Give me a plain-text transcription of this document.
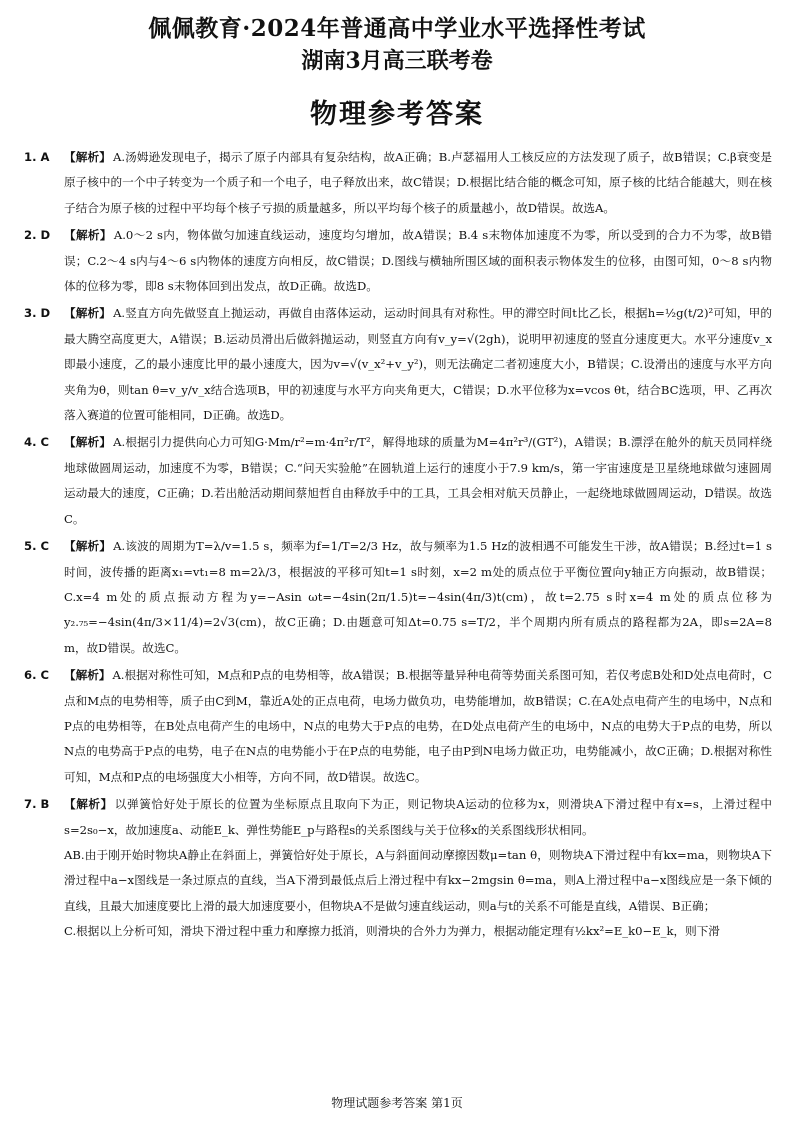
佩佩教育·2024年普通高中学业水平选择性考试
湖南3月高三联考卷
物理参考答案
1. A 【解析】 A.汤姆逊发现电子，揭示了原子内部具有复杂结构，故A正确；B.卢瑟福用人工核反应的方法发现了质子，故B错误；C.β衰变是原子核中的一个中子转变为一个质子和一个电子，电子释放出来，故C错误；D.根据比结合能的概念可知，原子核的比结合能越大，则在核子结合为原子核的过程中平均每个核子亏损的质量越多，所以平均每个核子的质量越小，故D错误。故选A。

2. D 【解析】 A.0～2 s内，物体做匀加速直线运动，速度均匀增加，故A错误；B.4 s末物体加速度不为零，所以受到的合力不为零，故B错误；C.2～4 s内与4～6 s内物体的速度方向相反，故C错误；D.图线与横轴所围区域的面积表示物体发生的位移，由图可知，0～8 s内物体的位移为零，即8 s末物体回到出发点，故D正确。故选D。

3. D 【解析】 A.竖直方向先做竖直上抛运动，再做自由落体运动，运动时间具有对称性。甲的滞空时间t比乙长，根据h=½g(t/2)²可知，甲的最大腾空高度更大，A错误；B.运动员滑出后做斜抛运动，则竖直方向有v_y=√(2gh)，说明甲初速度的竖直分速度更大。水平分速度v_x即最小速度，乙的最小速度比甲的最小速度大，因为v=√(v_x²+v_y²)，则无法确定二者初速度大小，B错误；C.设滑出的速度与水平方向夹角为θ，则tan θ=v_y/v_x结合选项B，甲的初速度与水平方向夹角更大，C错误；D.水平位移为x=vcos θt，结合BC选项，甲、乙再次落入赛道的位置可能相同，D正确。故选D。

4. C 【解析】 A.根据引力提供向心力可知G·Mm/r²=m·4π²r/T²，解得地球的质量为M=4π²r³/(GT²)，A错误；B.漂浮在舱外的航天员同样绕地球做圆周运动，加速度不为零，B错误；C.“问天实验舱”在圆轨道上运行的速度小于7.9 km/s，第一宇宙速度是卫星绕地球做匀速圆周运动最大的速度，C正确；D.若出舱活动期间蔡旭哲自由释放手中的工具，工具会相对航天员静止，一起绕地球做圆周运动，D错误。故选C。

5. C 【解析】 A.该波的周期为T=λ/v=1.5 s，频率为f=1/T=2/3 Hz，故与频率为1.5 Hz的波相遇不可能发生干涉，故A错误；B.经过t=1 s时间，波传播的距离x₁=vt₁=8 m=2λ/3，根据波的平移可知t=1 s时刻，x=2 m处的质点位于平衡位置向y轴正方向振动，故B错误；C.x=4 m处的质点振动方程为y=−Asin ωt=−4sin(2π/1.5)t=−4sin(4π/3)t(cm)，故t=2.75 s时x=4 m处的质点位移为y₂.₇₅=−4sin(4π/3×11/4)=2√3(cm)，故C正确；D.由题意可知Δt=0.75 s=T/2，半个周期内所有质点的路程都为2A，即s=2A=8 m，故D错误。故选C。

6. C 【解析】 A.根据对称性可知，M点和P点的电势相等，故A错误；B.根据等量异种电荷等势面关系图可知，若仅考虑B处和D处点电荷时，C点和M点的电势相等，质子由C到M，靠近A处的正点电荷，电场力做负功，电势能增加，故B错误；C.在A处点电荷产生的电场中，N点和P点的电势相等，在B处点电荷产生的电场中，N点的电势大于P点的电势，在D处点电荷产生的电场中，N点的电势大于P点的电势，所以N点的电势高于P点的电势，电子在N点的电势能小于在P点的电势能，电子由P到N电场力做正功，电势能减小，故C正确；D.根据对称性可知，M点和P点的电场强度大小相等，方向不同，故D错误。故选C。

7. B 【解析】 以弹簧恰好处于原长的位置为坐标原点且取向下为正，则记物块A运动的位移为x，则滑块A下滑过程中有x=s，上滑过程中s=2s₀−x，故加速度a、动能E_k、弹性势能E_p与路程s的关系图线与关于位移x的关系图线形状相同。

AB.由于刚开始时物块A静止在斜面上，弹簧恰好处于原长，A与斜面间动摩擦因数μ=tan θ，则物块A下滑过程中有kx=ma，则物块A下滑过程中a−x图线是一条过原点的直线，当A下滑到最低点后上滑过程中有kx−2mgsin θ=ma，则A上滑过程中a−x图线应是一条下倾的直线，且最大加速度要比上滑的最大加速度要小，但物块A不是做匀速直线运动，则a与t的关系不可能是直线，A错误、B正确；

C.根据以上分析可知，滑块下滑过程中重力和摩擦力抵消，则滑块的合外力为弹力，根据动能定理有½kx²=E_k0−E_k，则下滑

物理试题参考答案 第1页
